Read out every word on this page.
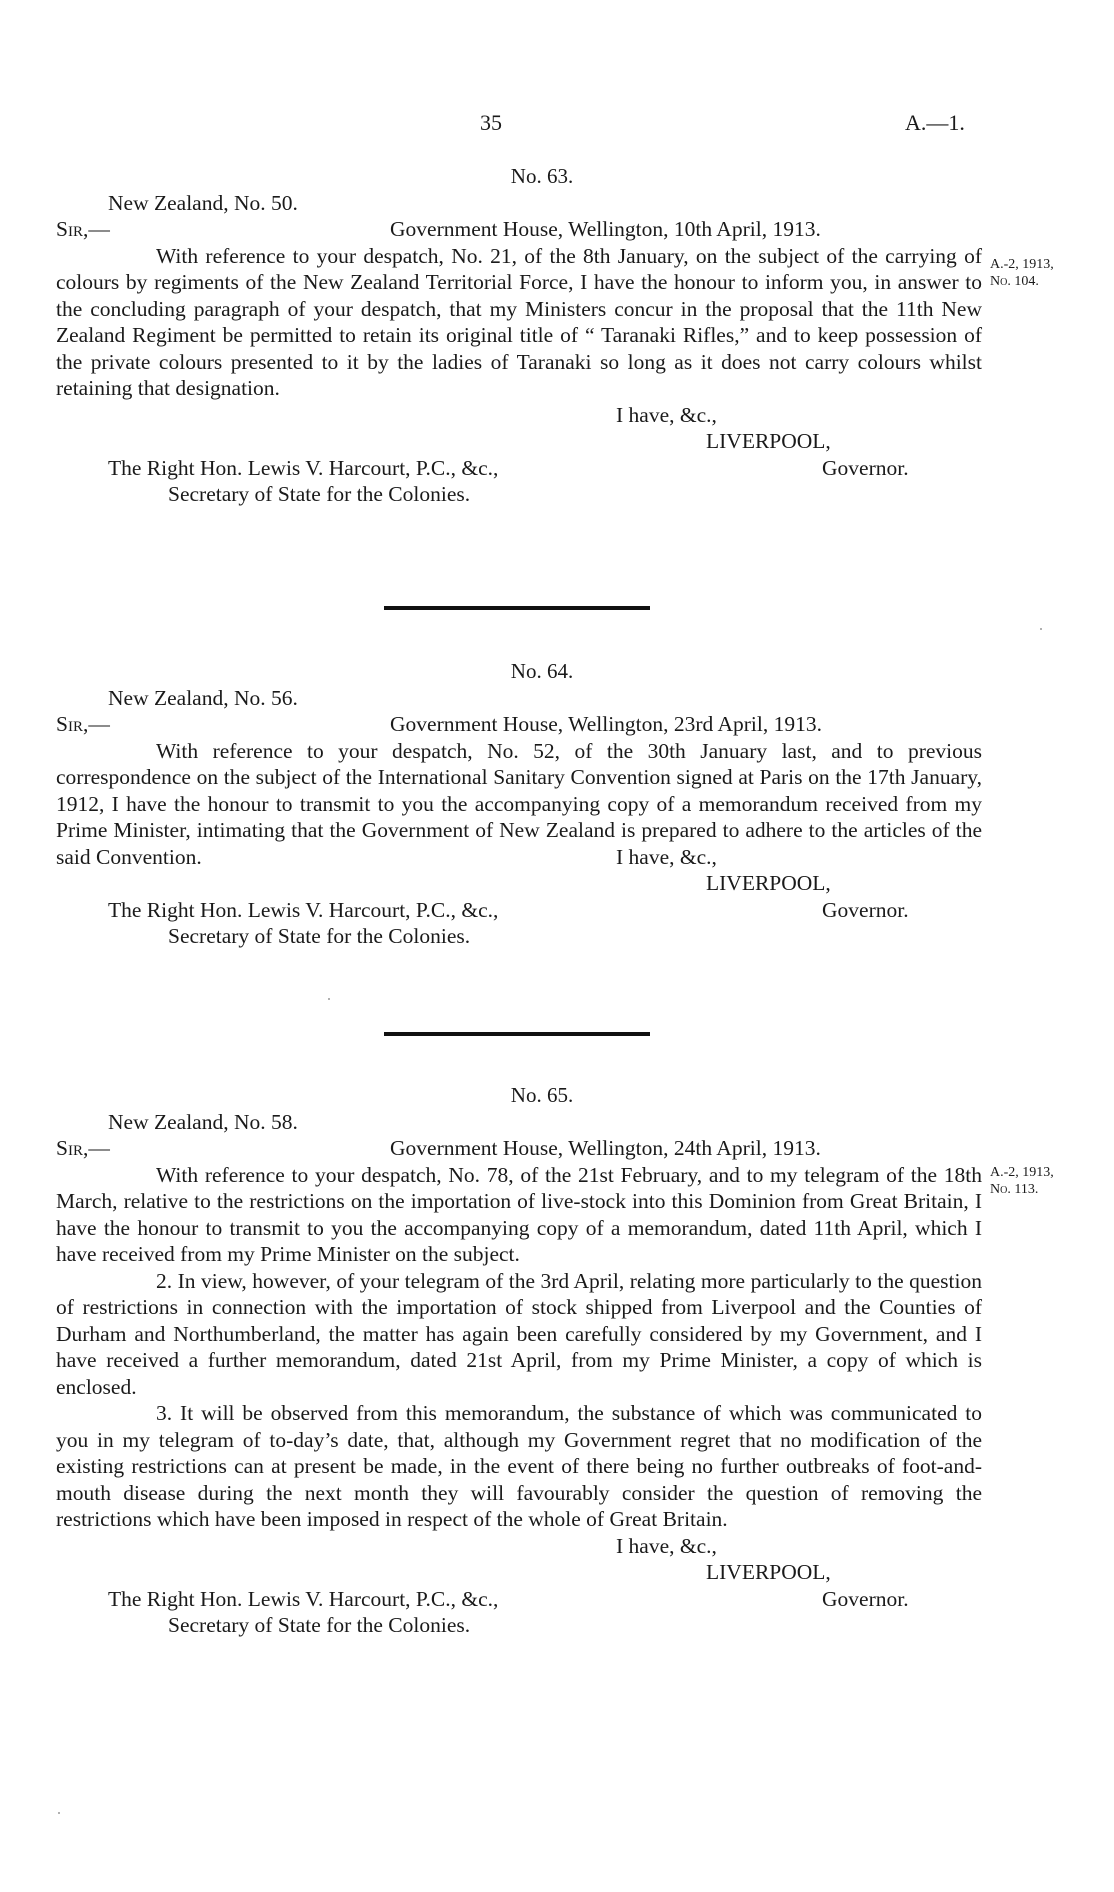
35	A.—1.

No. 63.

New Zealand, No. 50.

Sir,—	Government House, Wellington, 10th April, 1913.

With reference to your despatch, No. 21, of the 8th January, on the subject of the carrying of colours by regiments of the New Zealand Territorial Force, I have the honour to inform you, in answer to the concluding paragraph of your despatch, that my Ministers concur in the proposal that the 11th New Zealand Regiment be permitted to retain its original title of “ Taranaki Rifles,” and to keep possession of the private colours presented to it by the ladies of Taranaki so long as it does not carry colours whilst retaining that designation.

I have, &c.,
LIVERPOOL,
The Right Hon. Lewis V. Harcourt, P.C., &c.,	Governor.

Secretary of State for the Colonies.

A.-2, 1913,
No. 104.

No. 64.

New Zealand, No. 56.

Sir,—	Government House, Wellington, 23rd April, 1913.

With reference to your despatch, No. 52, of the 30th January last, and to previous correspondence on the subject of the International Sanitary Convention signed at Paris on the 17th January, 1912, I have the honour to transmit to you the accompanying copy of a memorandum received from my Prime Minister, intimating that the Government of New Zealand is prepared to adhere to the articles of the

said Convention.	I have, &c.,
LIVERPOOL,
The Right Hon. Lewis V. Harcourt, P.C., &c.,	Governor.

Secretary of State for the Colonies.

No. 65.

New Zealand, No. 58.

Sir,—	Government House, Wellington, 24th April, 1913.

With reference to your despatch, No. 78, of the 21st February, and to my telegram of the 18th March, relative to the restrictions on the importation of live-stock into this Dominion from Great Britain, I have the honour to transmit to you the accompanying copy of a memorandum, dated 11th April, which I have received from my Prime Minister on the subject.

2. In view, however, of your telegram of the 3rd April, relating more particularly to the question of restrictions in connection with the importation of stock shipped from Liverpool and the Counties of Durham and Northumberland, the matter has again been carefully considered by my Government, and I have received a further memorandum, dated 21st April, from my Prime Minister, a copy of which is enclosed.

3. It will be observed from this memorandum, the substance of which was communicated to you in my telegram of to-day’s date, that, although my Government regret that no modification of the existing restrictions can at present be made, in the event of there being no further outbreaks of foot-and-mouth disease during the next month they will favourably consider the question of removing the restrictions which have been imposed in respect of the whole of Great Britain.

I have, &c.,
LIVERPOOL,
The Right Hon. Lewis V. Harcourt, P.C., &c.,	Governor.

Secretary of State for the Colonies.

A.-2, 1913,
No. 113.
